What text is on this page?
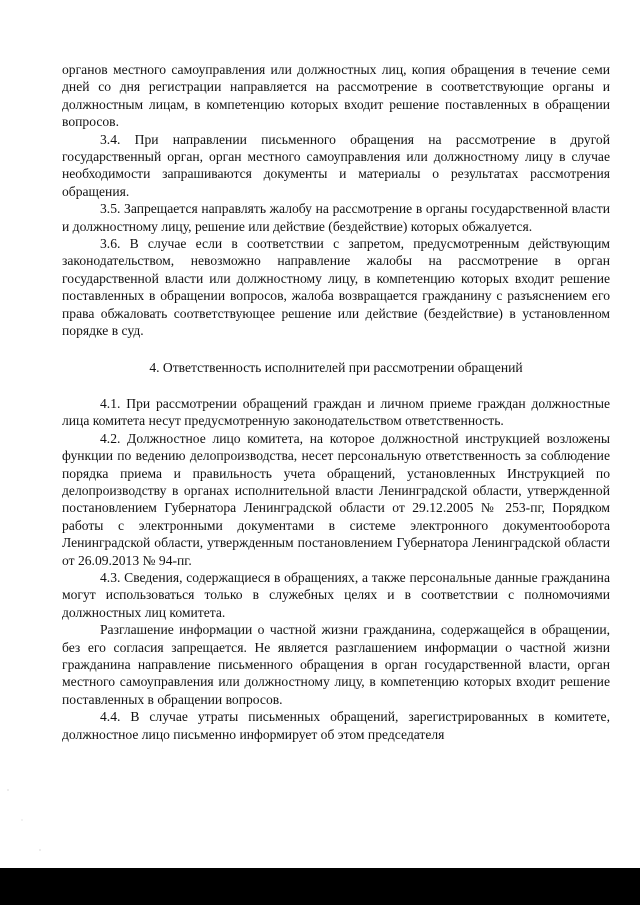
органов местного самоуправления или должностных лиц, копия обращения в течение семи дней со дня регистрации направляется на рассмотрение в соответствующие органы и должностным лицам, в компетенцию которых входит решение поставленных в обращении вопросов.

3.4. При направлении письменного обращения на рассмотрение в другой государственный орган, орган местного самоуправления или должностному лицу в случае необходимости запрашиваются документы и материалы о результатах рассмотрения обращения.

3.5. Запрещается направлять жалобу на рассмотрение в органы государственной власти и должностному лицу, решение или действие (бездействие) которых обжалуется.

3.6. В случае если в соответствии с запретом, предусмотренным действующим законодательством, невозможно направление жалобы на рассмотрение в орган государственной власти или должностному лицу, в компетенцию которых входит решение поставленных в обращении вопросов, жалоба возвращается гражданину с разъяснением его права обжаловать соответствующее решение или действие (бездействие) в установленном порядке в суд.

4. Ответственность исполнителей при рассмотрении обращений

4.1. При рассмотрении обращений граждан и личном приеме граждан должностные лица комитета несут предусмотренную законодательством ответственность.

4.2. Должностное лицо комитета, на которое должностной инструкцией возложены функции по ведению делопроизводства, несет персональную ответственность за соблюдение порядка приема и правильность учета обращений, установленных Инструкцией по делопроизводству в органах исполнительной власти Ленинградской области, утвержденной постановлением Губернатора Ленинградской области от 29.12.2005 № 253-пг, Порядком работы с электронными документами в системе электронного документооборота Ленинградской области, утвержденным постановлением Губернатора Ленинградской области от 26.09.2013 № 94-пг.

4.3. Сведения, содержащиеся в обращениях, а также персональные данные гражданина могут использоваться только в служебных целях и в соответствии с полномочиями должностных лиц комитета.

Разглашение информации о частной жизни гражданина, содержащейся в обращении, без его согласия запрещается. Не является разглашением информации о частной жизни гражданина направление письменного обращения в орган государственной власти, орган местного самоуправления или должностному лицу, в компетенцию которых входит решение поставленных в обращении вопросов.

4.4. В случае утраты письменных обращений, зарегистрированных в комитете, должностное лицо письменно информирует об этом председателя
